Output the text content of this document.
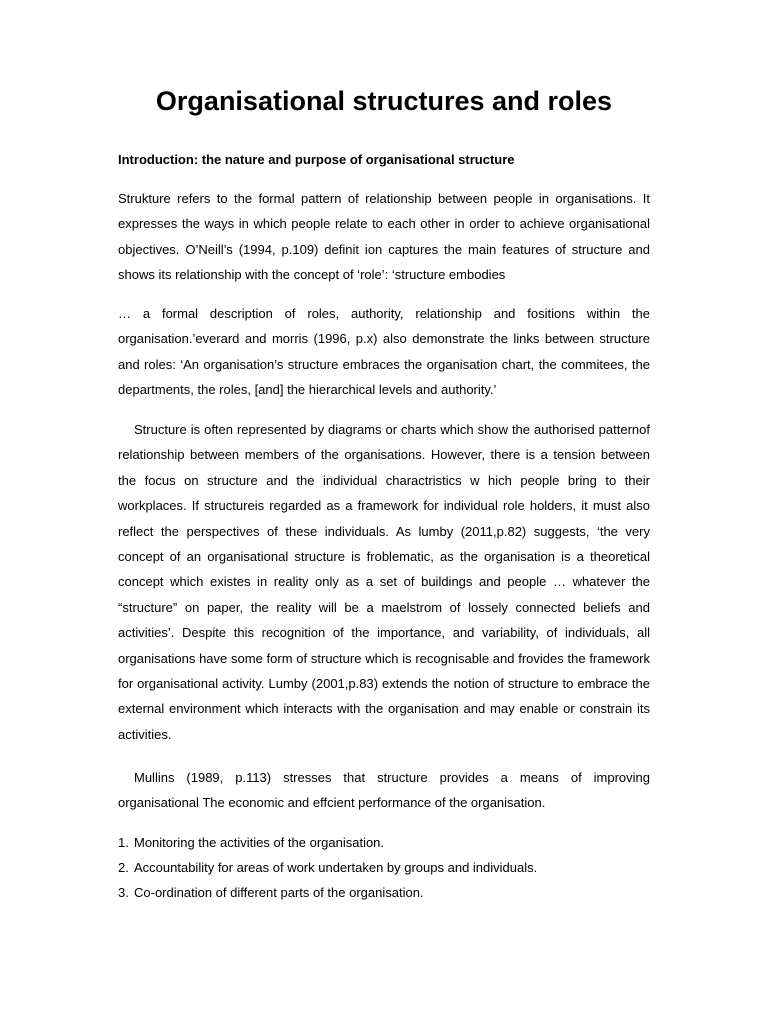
Organisational structures and roles

Introduction: the nature and purpose of organisational structure

Strukture refers to the formal pattern of relationship between people in organisations. It expresses the ways in which people relate to each other in order to achieve organisational objectives. O’Neill’s (1994, p.109) definit ion captures the main features of structure and shows its relationship with the concept of ‘role’: ‘structure embodies

… a formal description of roles, authority, relationship and fositions within the organisation.’everard and morris (1996, p.x) also demonstrate the links between structure and roles: ‘An organisation’s structure embraces the organisation chart, the commitees, the departments, the roles, [and] the hierarchical levels and authority.’

Structure is often represented by diagrams or charts which show the authorised patternof relationship between members of the organisations. However, there is a tension between the focus on structure and the individual charactristics w hich people bring to their workplaces. If structureis regarded as a framework for individual role holders, it must also reflect the perspectives of these individuals. As lumby (2011,p.82) suggests, ‘the very concept of an organisational structure is froblematic, as the organisation is a theoretical concept which existes in reality only as a set of buildings and people … whatever the “structure” on paper, the reality will be a maelstrom of lossely connected beliefs and activities’. Despite this recognition of the importance, and variability, of individuals, all organisations have some form of structure which is recognisable and frovides the framework for organisational activity. Lumby (2001,p.83) extends the notion of structure to embrace the external environment which interacts with the organisation and may enable or constrain its activities.

Mullins (1989, p.113) stresses that structure provides a means of improving organisational The economic and effcient performance of the organisation.

1. Monitoring the activities of the organisation.
2. Accountability for areas of work undertaken by groups and individuals.
3. Co-ordination of different parts of the organisation.
